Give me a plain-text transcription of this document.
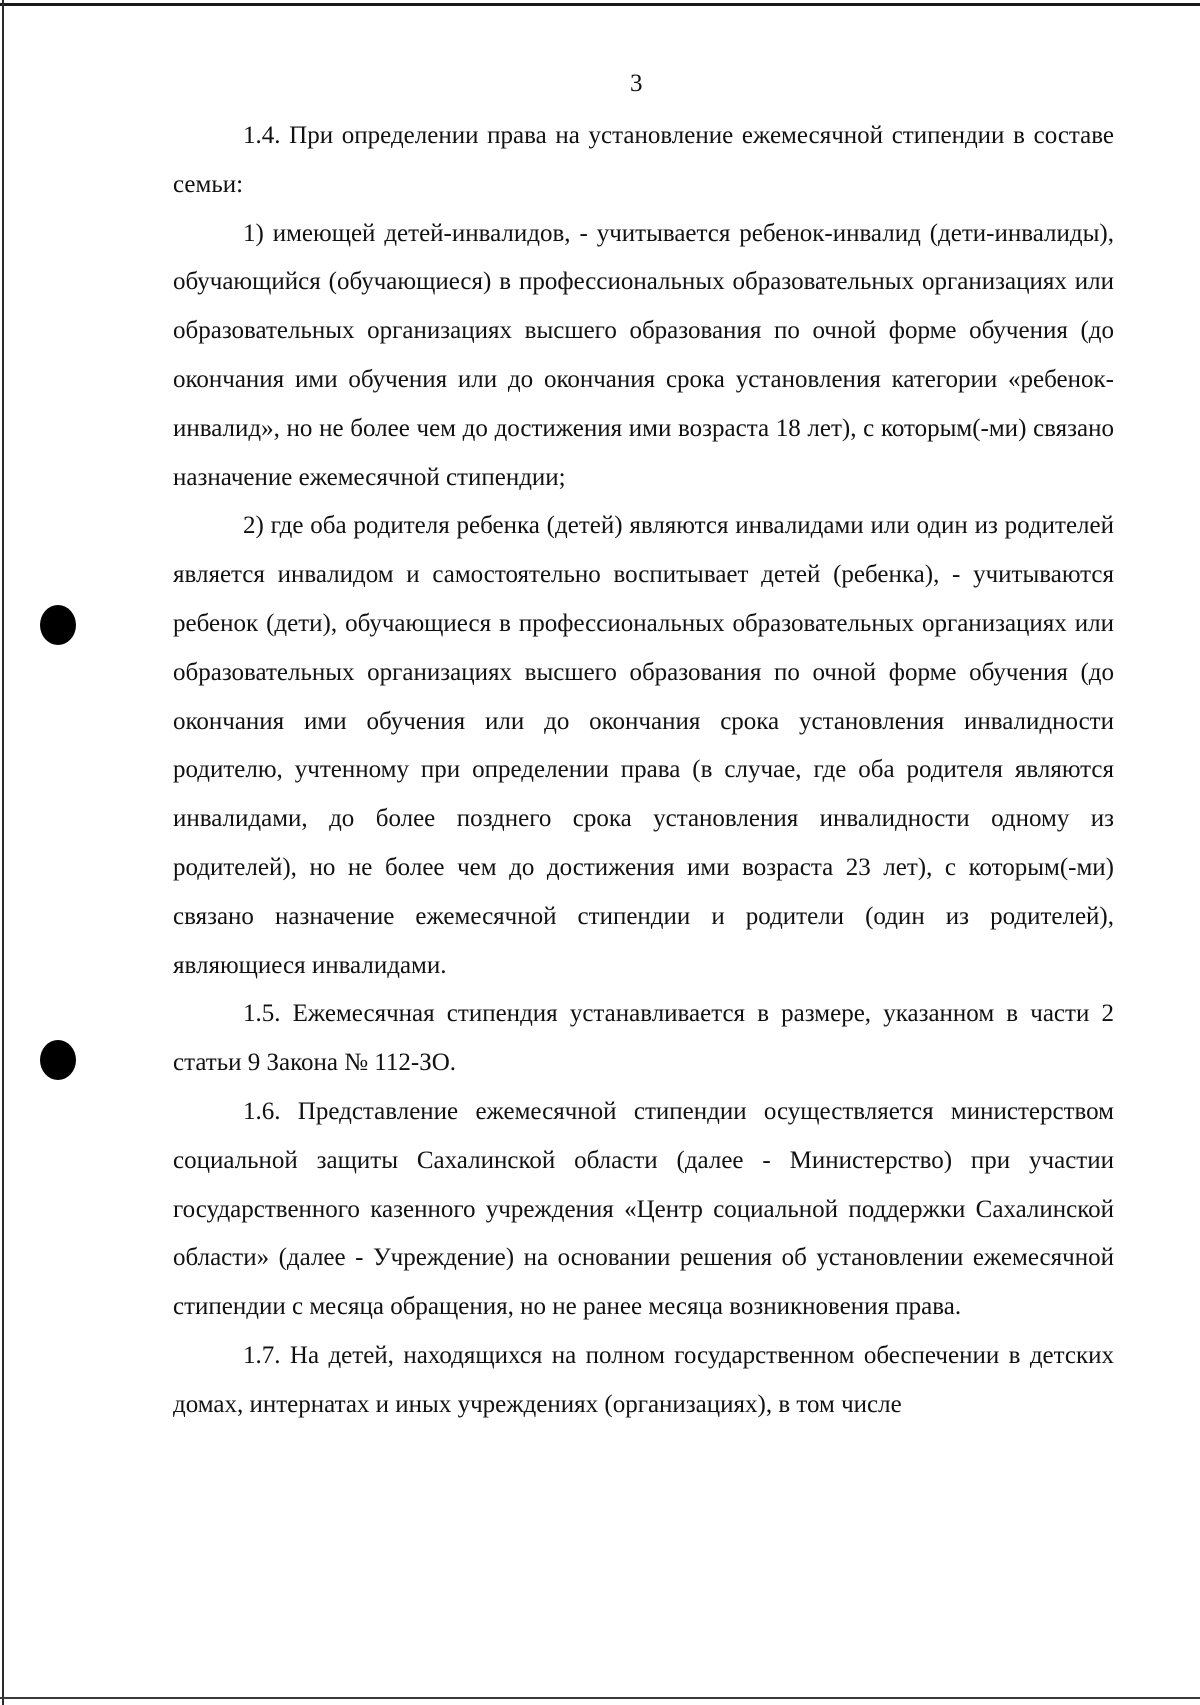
3

1.4. При определении права на установление ежемесячной стипендии в составе семьи:

1) имеющей детей-инвалидов, - учитывается ребенок-инвалид (дети-инвалиды), обучающийся (обучающиеся) в профессиональных образовательных организациях или образовательных организациях высшего образования по очной форме обучения (до окончания ими обучения или до окончания срока установления категории «ребенок-инвалид», но не более чем до достижения ими возраста 18 лет), с которым(-ми) связано назначение ежемесячной стипендии;

2) где оба родителя ребенка (детей) являются инвалидами или один из родителей является инвалидом и самостоятельно воспитывает детей (ребенка), - учитываются ребенок (дети), обучающиеся в профессиональных образовательных организациях или образовательных организациях высшего образования по очной форме обучения (до окончания ими обучения или до окончания срока установления инвалидности родителю, учтенному при определении права (в случае, где оба родителя являются инвалидами, до более позднего срока установления инвалидности одному из родителей), но не более чем до достижения ими возраста 23 лет), с которым(-ми) связано назначение ежемесячной стипендии и родители (один из родителей), являющиеся инвалидами.

1.5. Ежемесячная стипендия устанавливается в размере, указанном в части 2 статьи 9 Закона № 112-ЗО.

1.6. Представление ежемесячной стипендии осуществляется министерством социальной защиты Сахалинской области (далее - Министерство) при участии государственного казенного учреждения «Центр социальной поддержки Сахалинской области» (далее - Учреждение) на основании решения об установлении ежемесячной стипендии с месяца обращения, но не ранее месяца возникновения права.

1.7. На детей, находящихся на полном государственном обеспечении в детских домах, интернатах и иных учреждениях (организациях), в том числе
